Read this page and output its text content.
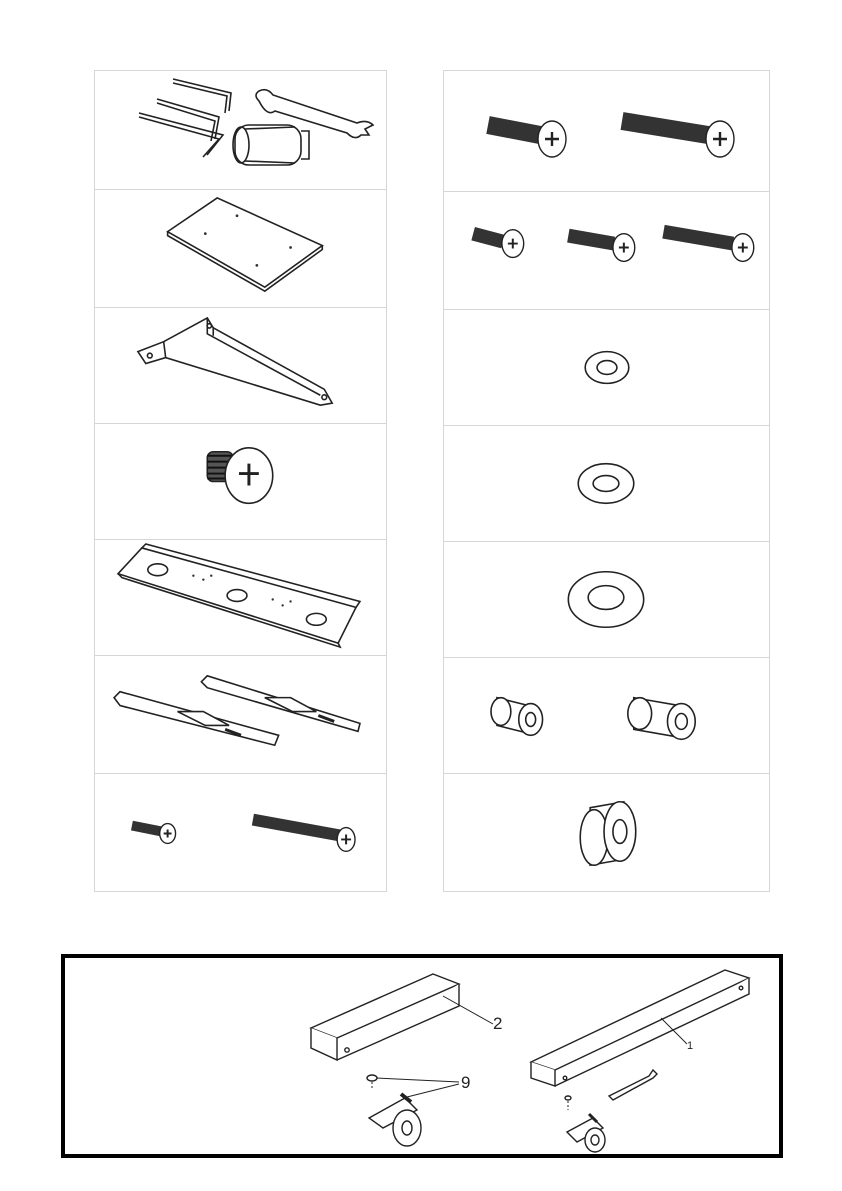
2
9
1
